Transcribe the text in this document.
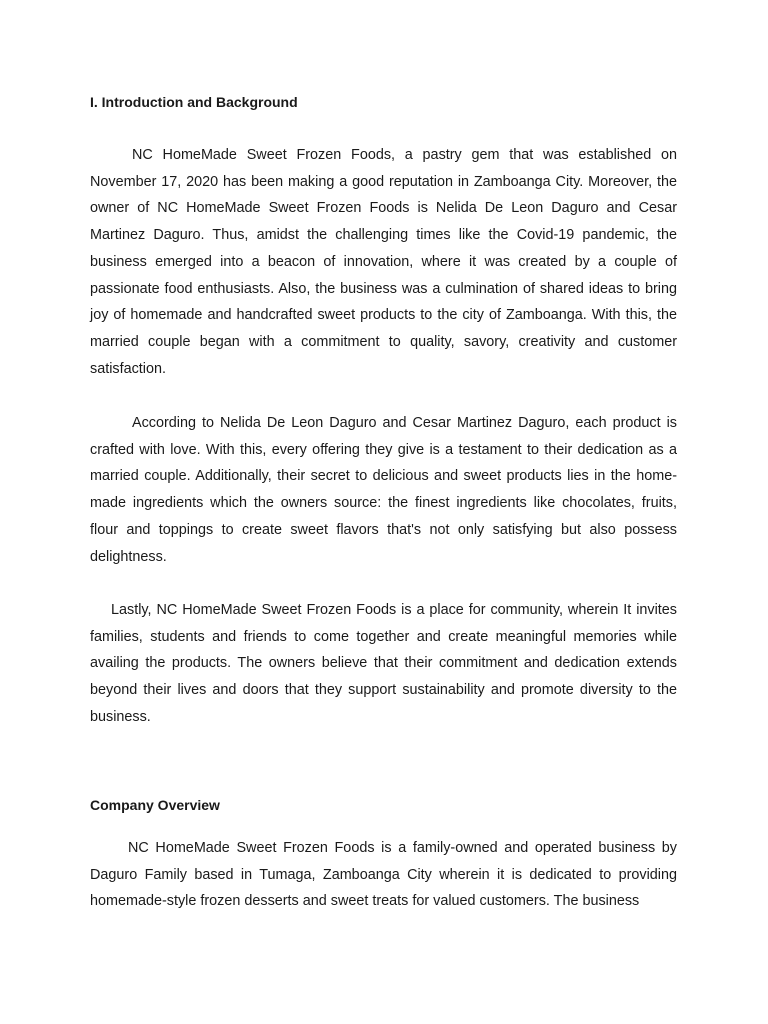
I. Introduction and Background

NC HomeMade Sweet Frozen Foods, a pastry gem that was established on November 17, 2020 has been making a good reputation in Zamboanga City. Moreover, the owner of NC HomeMade Sweet Frozen Foods is Nelida De Leon Daguro and Cesar Martinez Daguro. Thus, amidst the challenging times like the Covid-19 pandemic, the business emerged into a beacon of innovation, where it was created by a couple of passionate food enthusiasts. Also, the business was a culmination of shared ideas to bring joy of homemade and handcrafted sweet products to the city of Zamboanga. With this, the married couple began with a commitment to quality, savory, creativity and customer satisfaction.

According to Nelida De Leon Daguro and Cesar Martinez Daguro, each product is crafted with love. With this, every offering they give is a testament to their dedication as a married couple. Additionally, their secret to delicious and sweet products lies in the home-made ingredients which the owners source: the finest ingredients like chocolates, fruits, flour and toppings to create sweet flavors that's not only satisfying but also possess delightness.

Lastly, NC HomeMade Sweet Frozen Foods is a place for community, wherein It invites families, students and friends to come together and create meaningful memories while availing the products. The owners believe that their commitment and dedication extends beyond their lives and doors that they support sustainability and promote diversity to the business.

Company Overview

NC HomeMade Sweet Frozen Foods is a family-owned and operated business by Daguro Family based in Tumaga, Zamboanga City wherein it is dedicated to providing homemade-style frozen desserts and sweet treats for valued customers. The business
